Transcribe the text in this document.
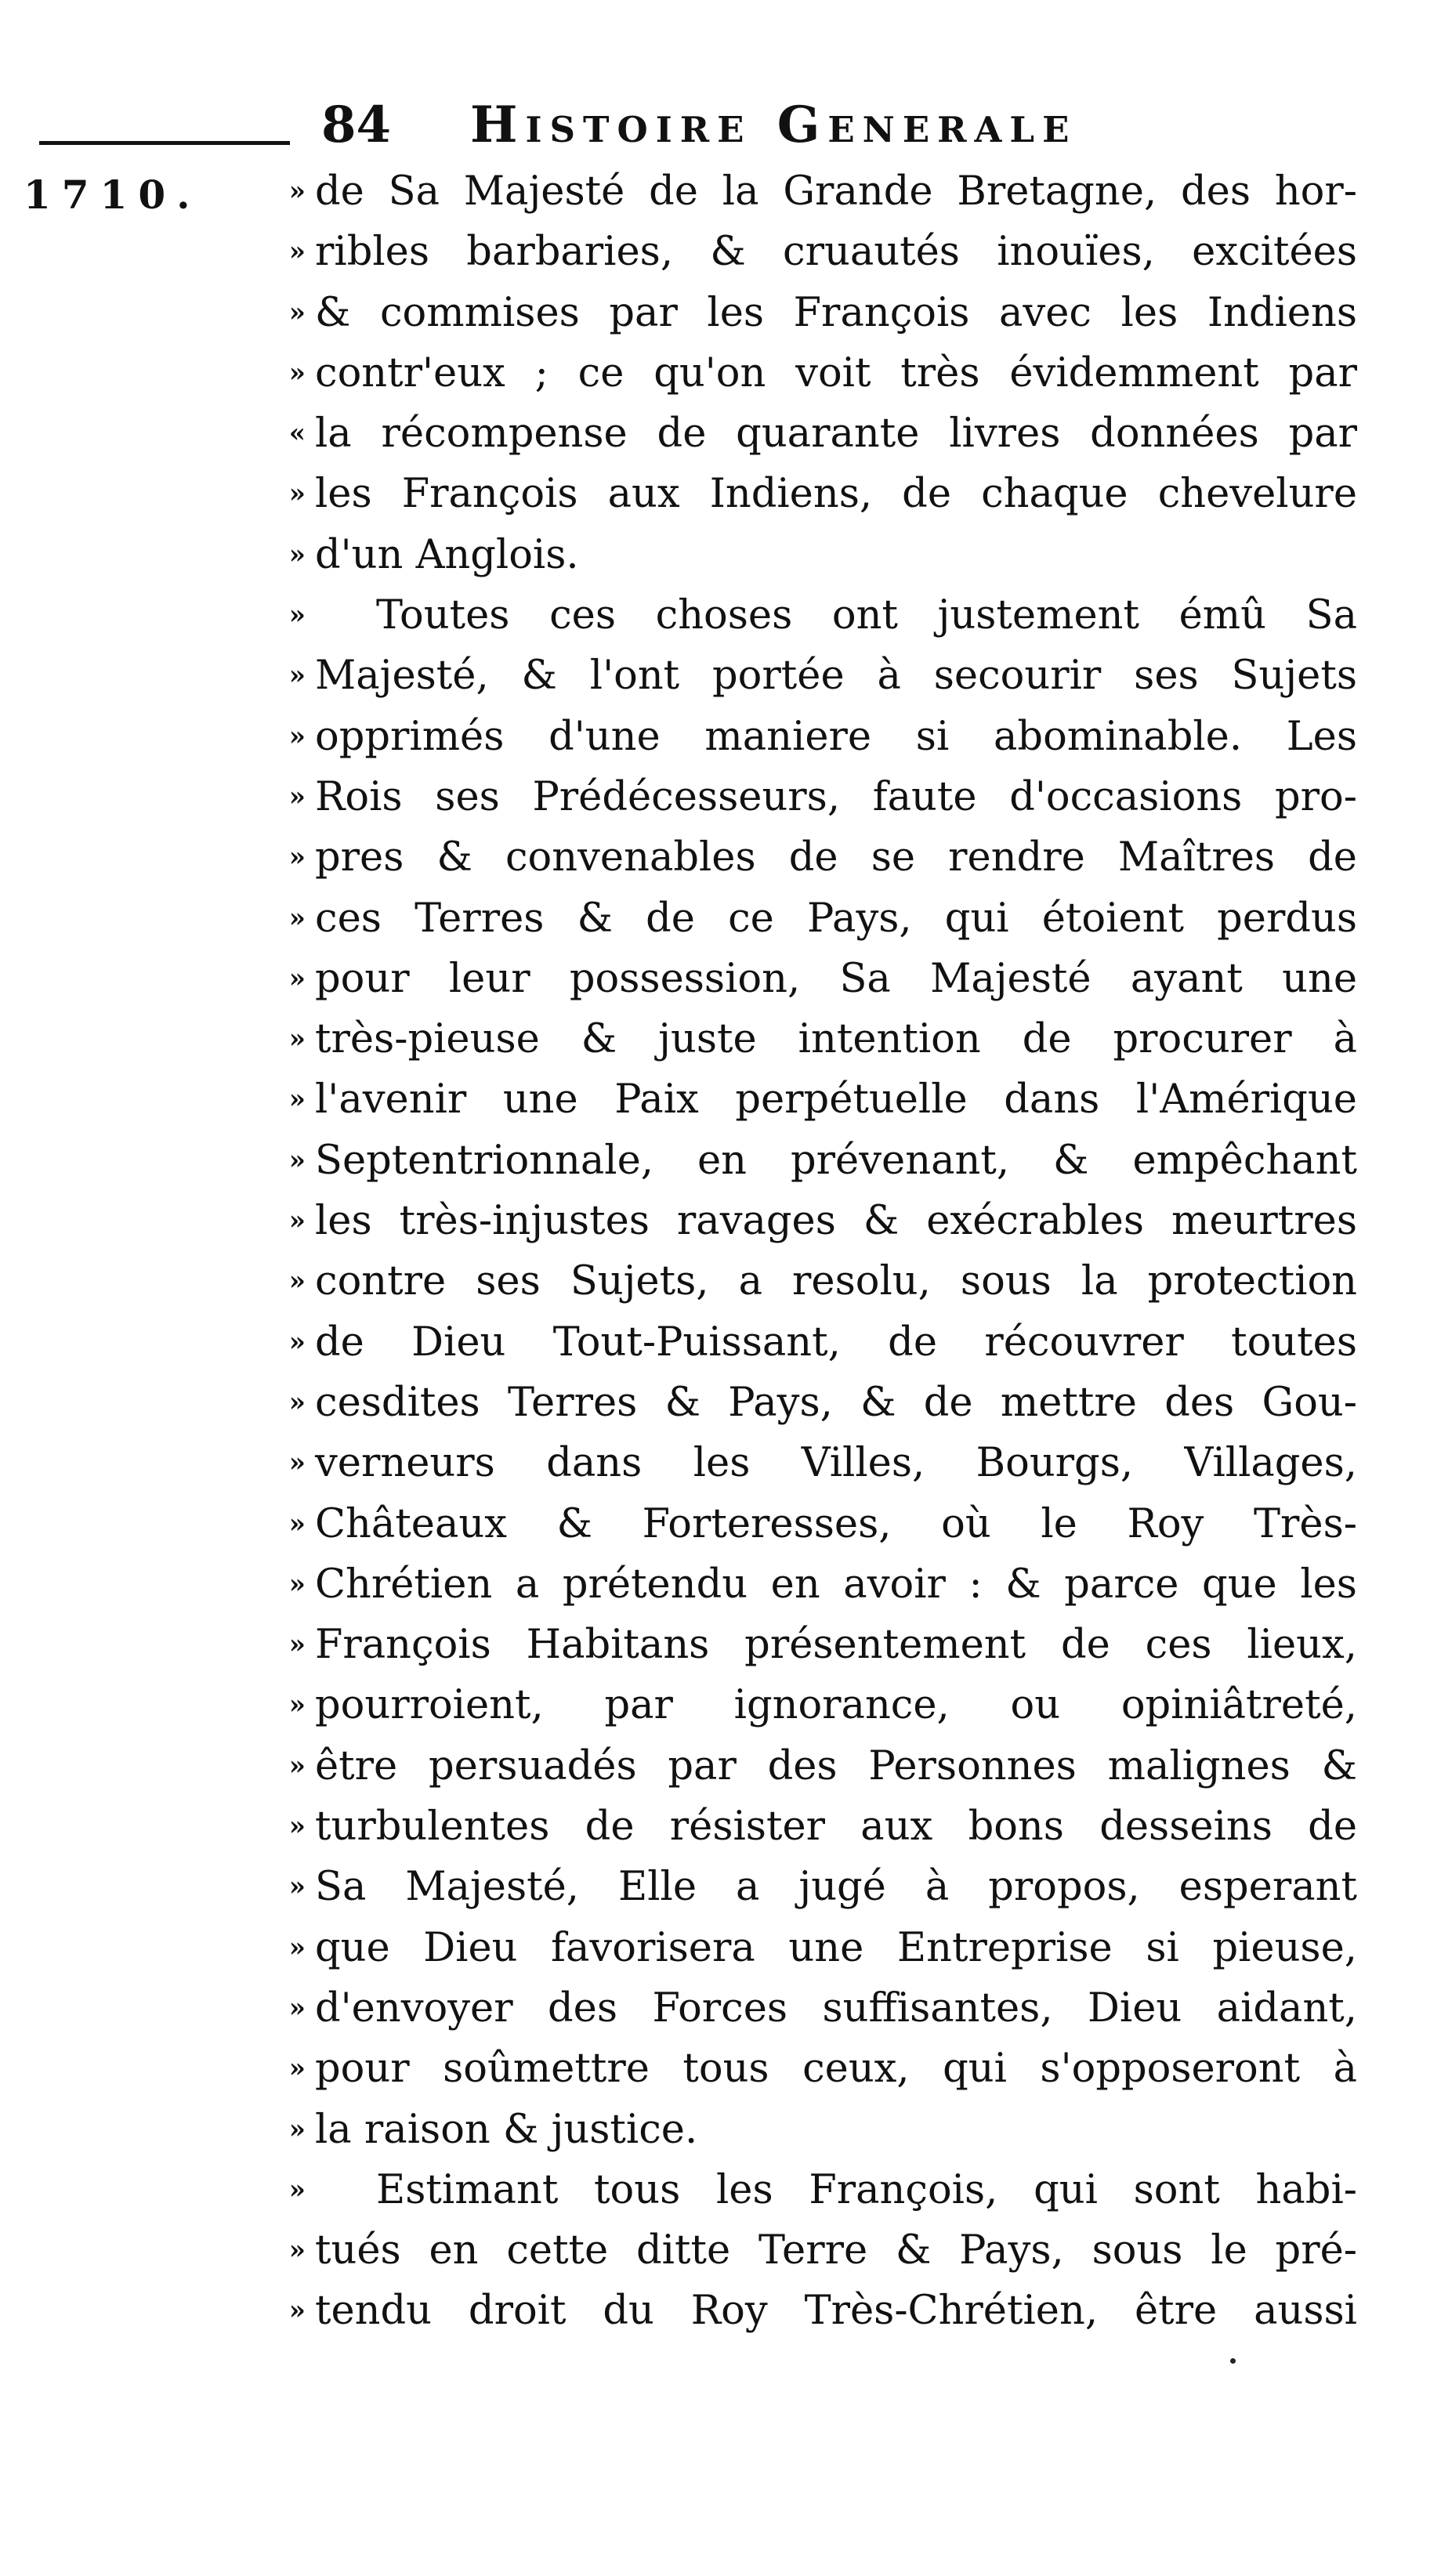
84 Histoire Generale
1710.	» de Sa Majesté de la Grande Bretagne, des hor-
» ribles barbaries, & cruautés inouïes, excitées
» & commises par les François avec les Indiens
» contr'eux ; ce qu'on voit très évidemment par
« la récompense de quarante livres données par
» les François aux Indiens, de chaque chevelure
» d'un Anglois.
» Toutes ces choses ont justement émû Sa
» Majesté, & l'ont portée à secourir ses Sujets
» opprimés d'une maniere si abominable. Les
» Rois ses Prédécesseurs, faute d'occasions pro-
» pres & convenables de se rendre Maîtres de
» ces Terres & de ce Pays, qui étoient perdus
» pour leur possession, Sa Majesté ayant une
» très-pieuse & juste intention de procurer à
» l'avenir une Paix perpétuelle dans l'Amérique
» Septentrionnale, en prévenant, & empêchant
» les très-injustes ravages & exécrables meurtres
» contre ses Sujets, a resolu, sous la protection
» de Dieu Tout-Puissant, de récouvrer toutes
» cesdites Terres & Pays, & de mettre des Gou-
» verneurs dans les Villes, Bourgs, Villages,
» Châteaux & Forteresses, où le Roy Très-
» Chrétien a prétendu en avoir : & parce que les
» François Habitans présentement de ces lieux,
» pourroient, par ignorance, ou opiniâtreté,
» être persuadés par des Personnes malignes &
» turbulentes de résister aux bons desseins de
» Sa Majesté, Elle a jugé à propos, esperant
» que Dieu favorisera une Entreprise si pieuse,
» d'envoyer des Forces suffisantes, Dieu aidant,
» pour soûmettre tous ceux, qui s'opposeront à
» la raison & justice.
» Estimant tous les François, qui sont habi-
» tués en cette ditte Terre & Pays, sous le pré-
» tendu droit du Roy Très-Chrétien, être aussi
